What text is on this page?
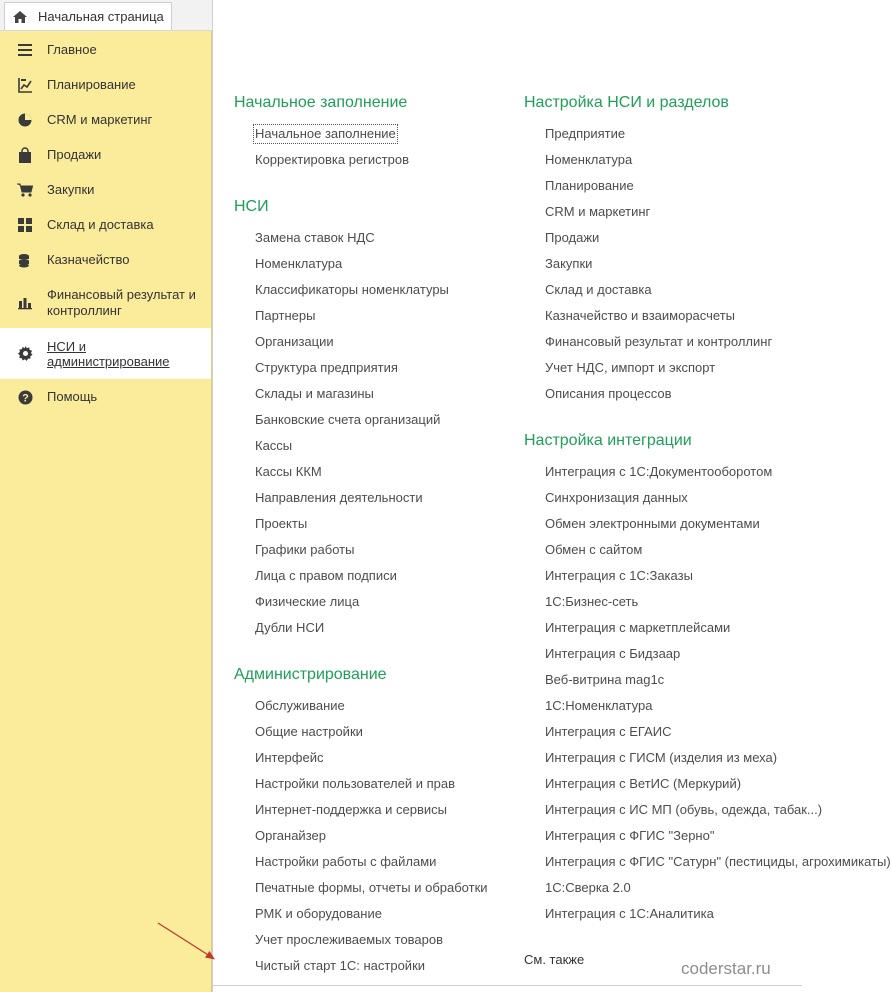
Начальная страница
Главное
Планирование
CRM и маркетинг
Продажи
Закупки
Склад и доставка
Казначейство
Финансовый результат и
контроллинг
НСИ и
администрирование
? Помощь
Начальное заполнение
Начальное заполнение
Корректировка регистров
НСИ
Замена ставок НДС
Номенклатура
Классификаторы номенклатуры
Партнеры
Организации
Структура предприятия
Склады и магазины
Банковские счета организаций
Кассы
Кассы ККМ
Направления деятельности
Проекты
Графики работы
Лица с правом подписи
Физические лица
Дубли НСИ
Администрирование
Обслуживание
Общие настройки
Интерфейс
Настройки пользователей и прав
Интернет-поддержка и сервисы
Органайзер
Настройки работы с файлами
Печатные формы, отчеты и обработки
РМК и оборудование
Учет прослеживаемых товаров
Чистый старт 1С: настройки
Настройка НСИ и разделов
Предприятие
Номенклатура
Планирование
CRM и маркетинг
Продажи
Закупки
Склад и доставка
Казначейство и взаиморасчеты
Финансовый результат и контроллинг
Учет НДС, импорт и экспорт
Описания процессов
Настройка интеграции
Интеграция с 1С:Документооборотом
Синхронизация данных
Обмен электронными документами
Обмен с сайтом
Интеграция с 1С:Заказы
1С:Бизнес-сеть
Интеграция с маркетплейсами
Интеграция с Бидзаар
Веб-витрина mag1c
1С:Номенклатура
Интеграция с ЕГАИС
Интеграция с ГИСМ (изделия из меха)
Интеграция с ВетИС (Меркурий)
Интеграция с ИС МП (обувь, одежда, табак...)
Интеграция с ФГИС "Зерно"
Интеграция с ФГИС "Сатурн" (пестициды, агрохимикаты)
1С:Сверка 2.0
Интеграция с 1С:Аналитика
См. также	coderstar.ru
